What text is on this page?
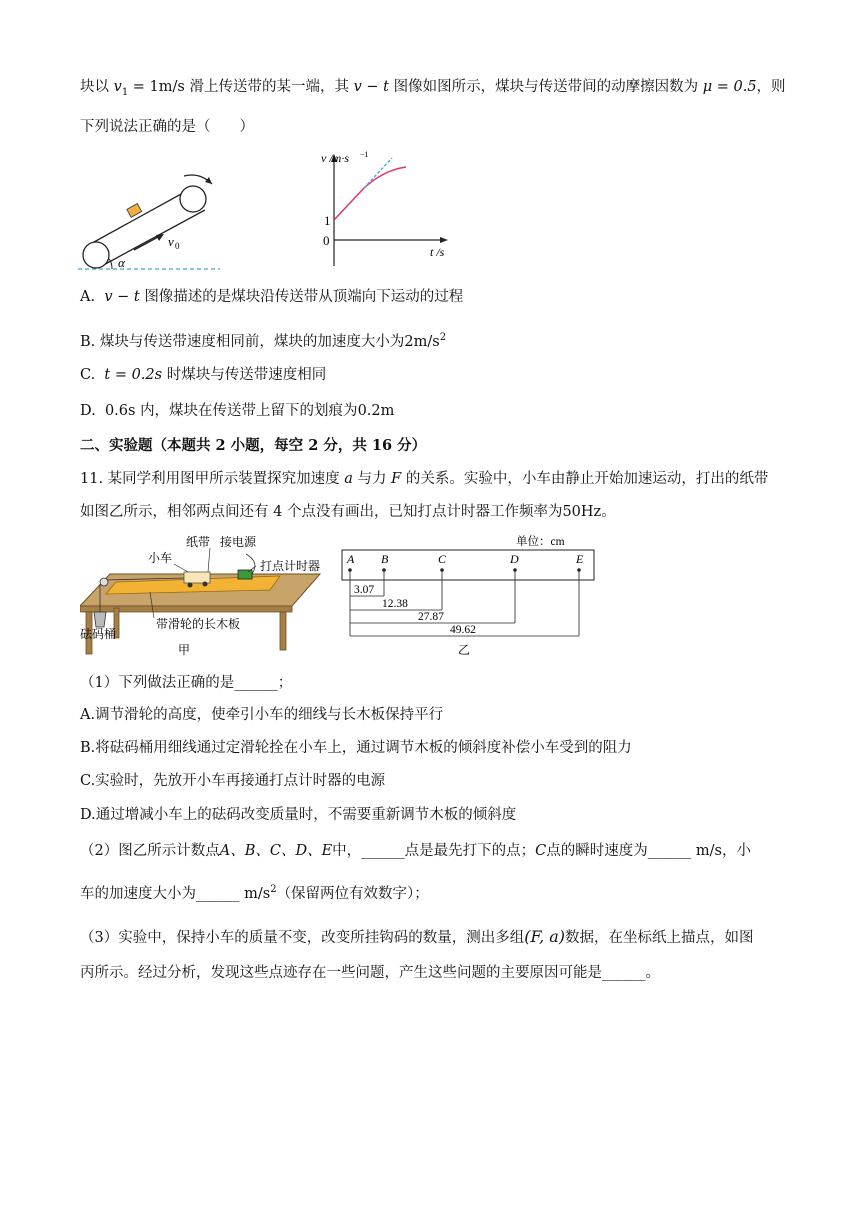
块以 $v_1 = 1m/s$ 滑上传送带的某一端，其 v − t 图像如图所示，煤块与传送带间的动摩擦因数为 μ = 0.5，则
下列说法正确的是（　　）
v 0
α
v /m·s −1
1
0
t /s
A. v − t 图像描述的是煤块沿传送带从顶端向下运动的过程
B. 煤块与传送带速度相同前，煤块的加速度大小为$2m/s^2$
C. t = 0.2s 时煤块与传送带速度相同
D. 0.6s 内，煤块在传送带上留下的划痕为0.2m
二、实验题（本题共 2 小题，每空 2 分，共 16 分）
11. 某同学利用图甲所示装置探究加速度 a 与力 F 的关系。实验中，小车由静止开始加速运动，打出的纸带
如图乙所示，相邻两点间还有 4 个点没有画出，已知打点计时器工作频率为50Hz。
纸带 接电源
小车
打点计时器
砝码桶
带滑轮的长木板
甲
单位：cm
A B	C	D	E
3.07
12.38
27.87
49.62
乙
（1）下列做法正确的是______；
A.调节滑轮的高度，使牵引小车的细线与长木板保持平行
B.将砝码桶用细线通过定滑轮拴在小车上，通过调节木板的倾斜度补偿小车受到的阻力
C.实验时，先放开小车再接通打点计时器的电源
D.通过增减小车上的砝码改变质量时，不需要重新调节木板的倾斜度
（2）图乙所示计数点A、B、C、D、E中，______点是最先打下的点；C点的瞬时速度为______ m/s，小
车的加速度大小为______ $m/s^2$（保留两位有效数字）；
（3）实验中，保持小车的质量不变，改变所挂钩码的数量，测出多组(F, a)数据，在坐标纸上描点，如图
丙所示。经过分析，发现这些点迹存在一些问题，产生这些问题的主要原因可能是______。
